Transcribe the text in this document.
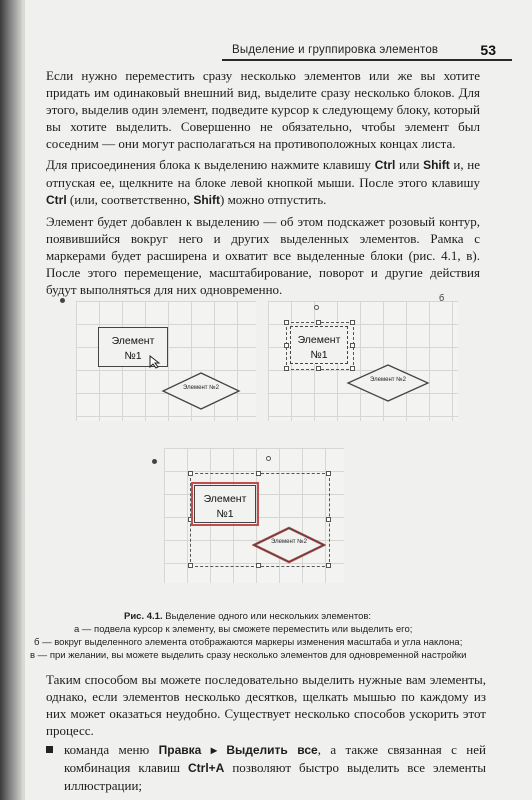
Выделение и группировка элементов	53

Если нужно переместить сразу несколько элементов или же вы хотите придать им одинаковый внешний вид, выделите сразу несколько блоков. Для этого, выделив один элемент, подведите курсор к следующему блоку, который вы хотите выделить. Совершенно не обязательно, чтобы элемент был соседним — они могут располагаться на противоположных концах листа.

Для присоединения блока к выделению нажмите клавишу Ctrl или Shift и, не отпуская ее, щелкните на блоке левой кнопкой мыши. После этого клавишу Ctrl (или, соответственно, Shift) можно отпустить.

Элемент будет добавлен к выделению — об этом подскажет розовый контур, появившийся вокруг него и других выделенных элементов. Рамка с маркерами будет расширена и охватит все выделенные блоки (рис. 4.1, в). После этого перемещение, масштабирование, поворот и другие действия будут выполняться для них одновременно.

Элемент
№1
Элемент №2
б
Элемент
№1
Элемент №2
Элемент
№1
Элемент №2
Рис. 4.1. Выделение одного или нескольких элементов:
а — подвела курсор к элементу, вы сможете переместить или выделить его;
б — вокруг выделенного элемента отображаются маркеры изменения масштаба и угла наклона;
в — при желании, вы можете выделить сразу несколько элементов для одновременной настройки

Таким способом вы можете последовательно выделить нужные вам элементы, однако, если элементов несколько десятков, щелкать мышью по каждому из них может оказаться неудобно. Существует несколько способов ускорить этот процесс.

команда меню Правка ▸ Выделить все, а также связанная с ней комбинация клавиш Ctrl+A позволяют быстро выделить все элементы иллюстрации;
